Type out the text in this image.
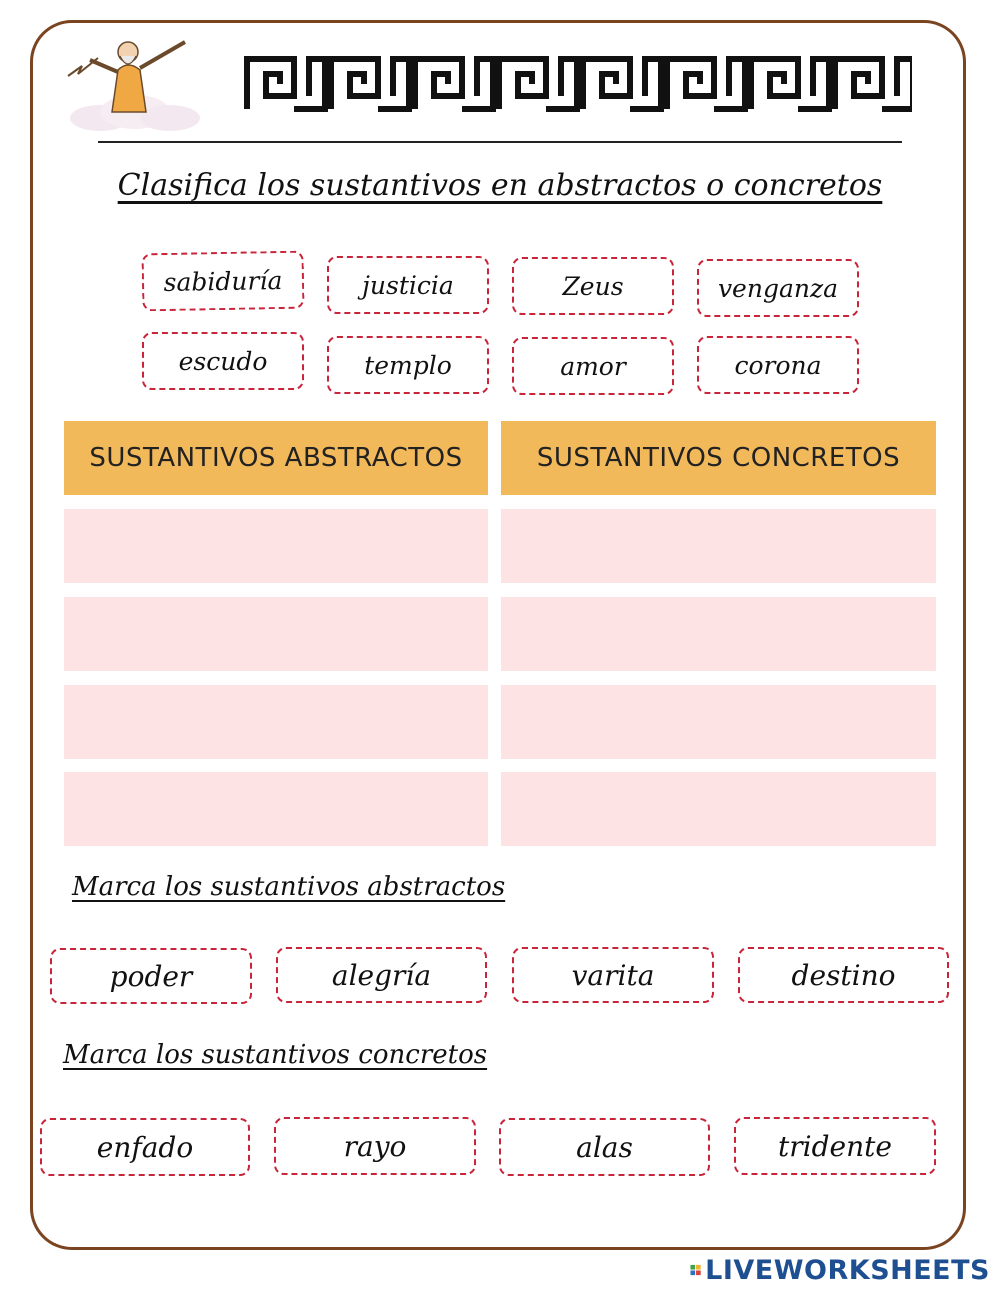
Clasifica los sustantivos en abstractos o concretos
sabiduría	justicia	Zeus	venganza
escudo	templo	amor	corona
SUSTANTIVOS ABSTRACTOS	SUSTANTIVOS CONCRETOS
Marca los sustantivos abstractos
poder	alegría	varita	destino
Marca los sustantivos concretos
enfado	rayo	alas	tridente
LIVEWORKSHEETS
